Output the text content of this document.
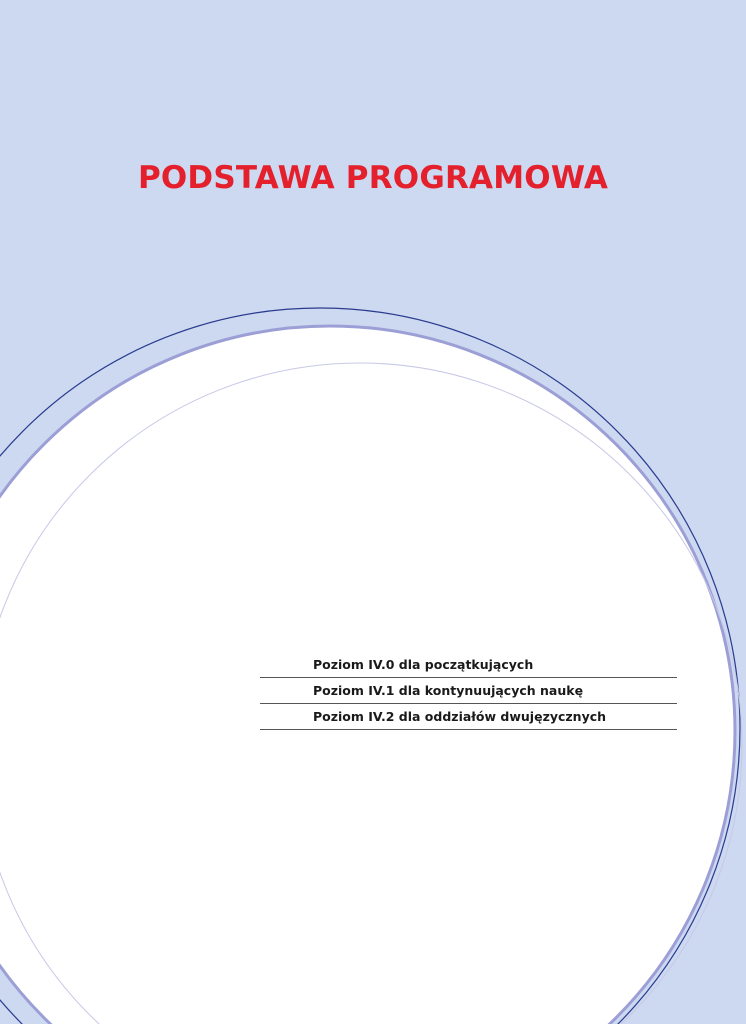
PODSTAWA PROGRAMOWA
Poziom IV.0 dla początkujących
Poziom IV.1 dla kontynuujących naukę
Poziom IV.2 dla oddziałów dwujęzycznych
